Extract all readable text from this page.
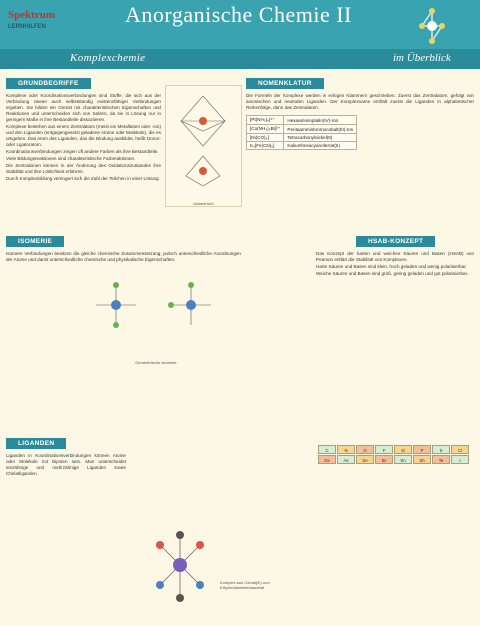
Spektrum
LERNHILFEN	Anorganische Chemie II
Komplexchemie	im Überblick
GRUNDBEGRIFFE

Komplexe oder Koordinationsverbindungen sind Stoffe, die sich aus der Verbindung zweier auch selbstständig existenzfähiger Verbindungen ergeben. Sie bilden ein Gerüst mit charakteristischen Eigenschaften und Reaktionen und unterscheiden sich von Salzen, da sie in Lösung nur in geringem Maße in ihre Bestandteile dissoziieren.

Komplexe bestehen aus einem Zentralatom (meist ein Metallatom oder -ion) und den Liganden (entgegengesetzt geladene Atome oder Moleküle), die es umgeben. Das Atom des Liganden, das die Bindung ausbildet, heißt Donor- oder Ligatoratom.

Koordinationsverbindungen zeigen oft andere Farben als ihre Bestandteile.

Viele Bildungsreaktionen sind charakteristische Farbreaktionen.

Die Zentralionen können in der Änderung des Oxidationszustandes ihre Stabilität und ihre Löslichkeit erfahren.

Durch Komplexbildung verringert sich die Zahl der Teilchen in einer Lösung.

oktaedrisch
NOMENKLATUR
Die Formeln der Komplexe werden in eckigen Klammern geschrieben. Zuerst das Zentralatom, gefolgt von anionischen und neutralen Liganden. Der Komplexname enthält zuerst die Liganden in alphabetischer Reihenfolge, dann das Zentralatom.
[Pt(NH₃)₆]⁴⁺	Hexaamminplatin(IV)-Ion
[Co(NH₃)₅Br]²⁺	Pentaamminbromocobalt(III)-Ion
[Ni(CO)₄]	Tetracarbonylnickel(0)
K₄[Fe(CN)₆]	Kaliumhexacyanoferrat(II)
ISOMERIE
Isomere Verbindungen besitzen die gleiche chemische Zusammensetzung, jedoch unterschiedliche Anordnungen der Atome und damit unterschiedliche chemische und physikalische Eigenschaften.
Geometrische Isomerie
HSAB-KONZEPT

Das Konzept der harten und weichen Säuren und Basen (HSAB) von Pearson erklärt die Stabilität von Komplexen.

Harte Säuren und Basen sind klein, hoch geladen und wenig polarisierbar.

Weiche Säuren und Basen sind groß, gering geladen und gut polarisierbar.

LIGANDEN
Liganden in Koordinationsverbindungen können Atome oder Moleküle mit Dipolen sein. Man unterscheidet einzähnige und mehrzähnige Liganden sowie Chelatliganden.
Komplex aus Cobalt(III) und Ethylendiamintetraacetat
C	N	O	F	Si	P	S	Cl
Ge	As	Se	Br	Sn	Sb	Te	I
